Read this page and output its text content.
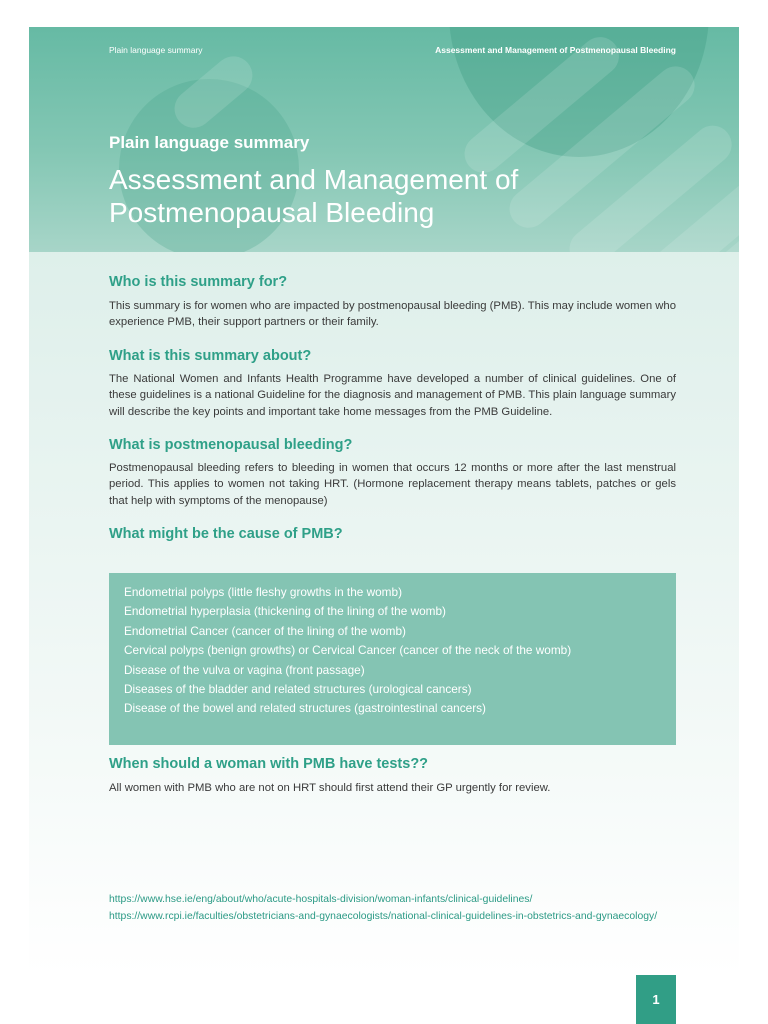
Plain language summary	Assessment and Management of Postmenopausal Bleeding
Plain language summary
Assessment and Management of Postmenopausal Bleeding
Who is this summary for?

This summary is for women who are impacted by postmenopausal bleeding (PMB). This may include women who experience PMB, their support partners or their family.

What is this summary about?

The National Women and Infants Health Programme have developed a number of clinical guidelines. One of these guidelines is a national Guideline for the diagnosis and management of PMB. This plain language summary will describe the key points and important take home messages from the PMB Guideline.

What is postmenopausal bleeding?

Postmenopausal bleeding refers to bleeding in women that occurs 12 months or more after the last menstrual period. This applies to women not taking HRT. (Hormone replacement therapy means tablets, patches or gels that help with symptoms of the menopause)

What might be the cause of PMB?
Endometrial polyps (little fleshy growths in the womb)
Endometrial hyperplasia (thickening of the lining of the womb)
Endometrial Cancer (cancer of the lining of the womb)
Cervical polyps (benign growths) or Cervical Cancer (cancer of the neck of the womb)
Disease of the vulva or vagina (front passage)
Diseases of the bladder and related structures (urological cancers)
Disease of the bowel and related structures (gastrointestinal cancers)
When should a woman with PMB have tests??

All women with PMB who are not on HRT should first attend their GP urgently for review.

https://www.hse.ie/eng/about/who/acute-hospitals-division/woman-infants/clinical-guidelines/
https://www.rcpi.ie/faculties/obstetricians-and-gynaecologists/national-clinical-guidelines-in-obstetrics-and-gynaecology/
1
